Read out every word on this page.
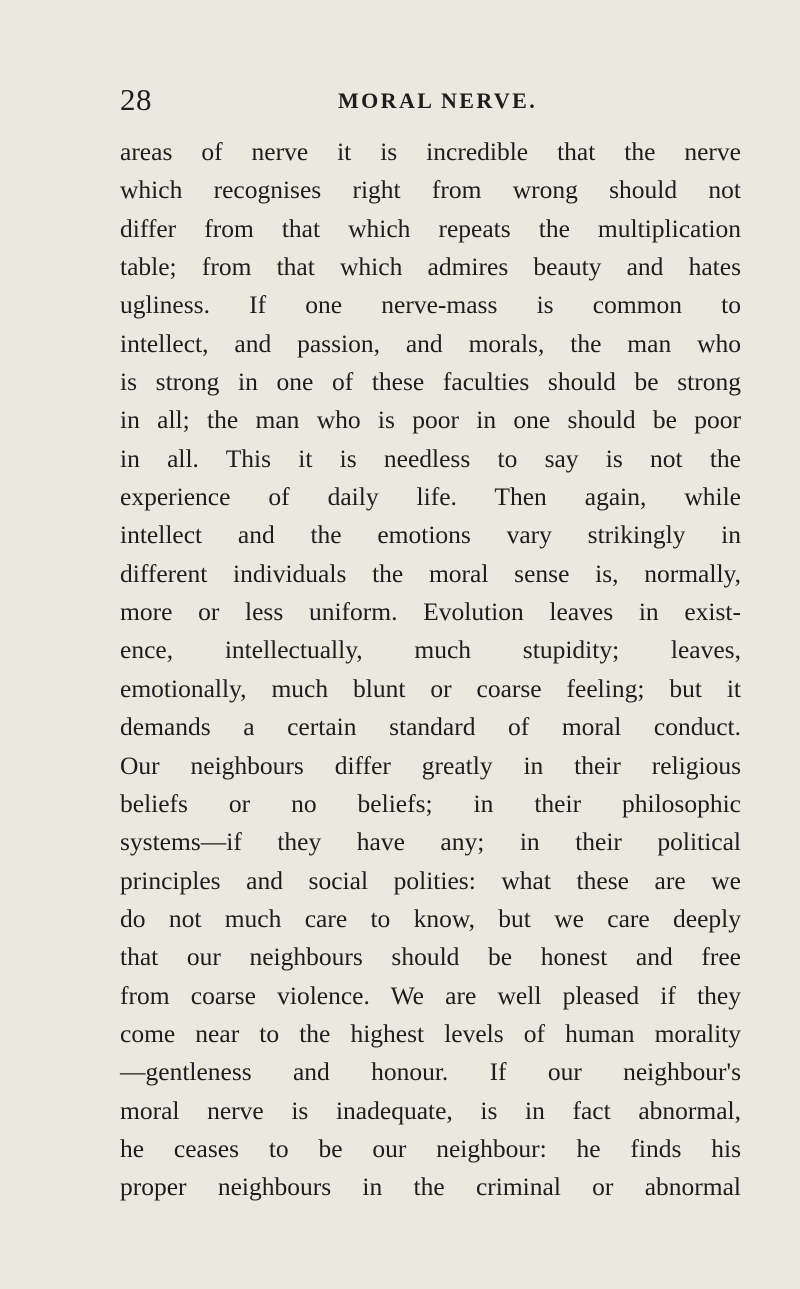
28	MORAL NERVE.
areas of nerve it is incredible that the nerve
which recognises right from wrong should not
differ from that which repeats the multiplication
table; from that which admires beauty and hates
ugliness. If one nerve-mass is common to
intellect, and passion, and morals, the man who
is strong in one of these faculties should be strong
in all; the man who is poor in one should be poor
in all. This it is needless to say is not the
experience of daily life. Then again, while
intellect and the emotions vary strikingly in
different individuals the moral sense is, normally,
more or less uniform. Evolution leaves in exist-
ence, intellectually, much stupidity; leaves,
emotionally, much blunt or coarse feeling; but it
demands a certain standard of moral conduct.
Our neighbours differ greatly in their religious
beliefs or no beliefs; in their philosophic
systems—if they have any; in their political
principles and social polities: what these are we
do not much care to know, but we care deeply
that our neighbours should be honest and free
from coarse violence. We are well pleased if they
come near to the highest levels of human morality
—gentleness and honour. If our neighbour's
moral nerve is inadequate, is in fact abnormal,
he ceases to be our neighbour: he finds his
proper neighbours in the criminal or abnormal
